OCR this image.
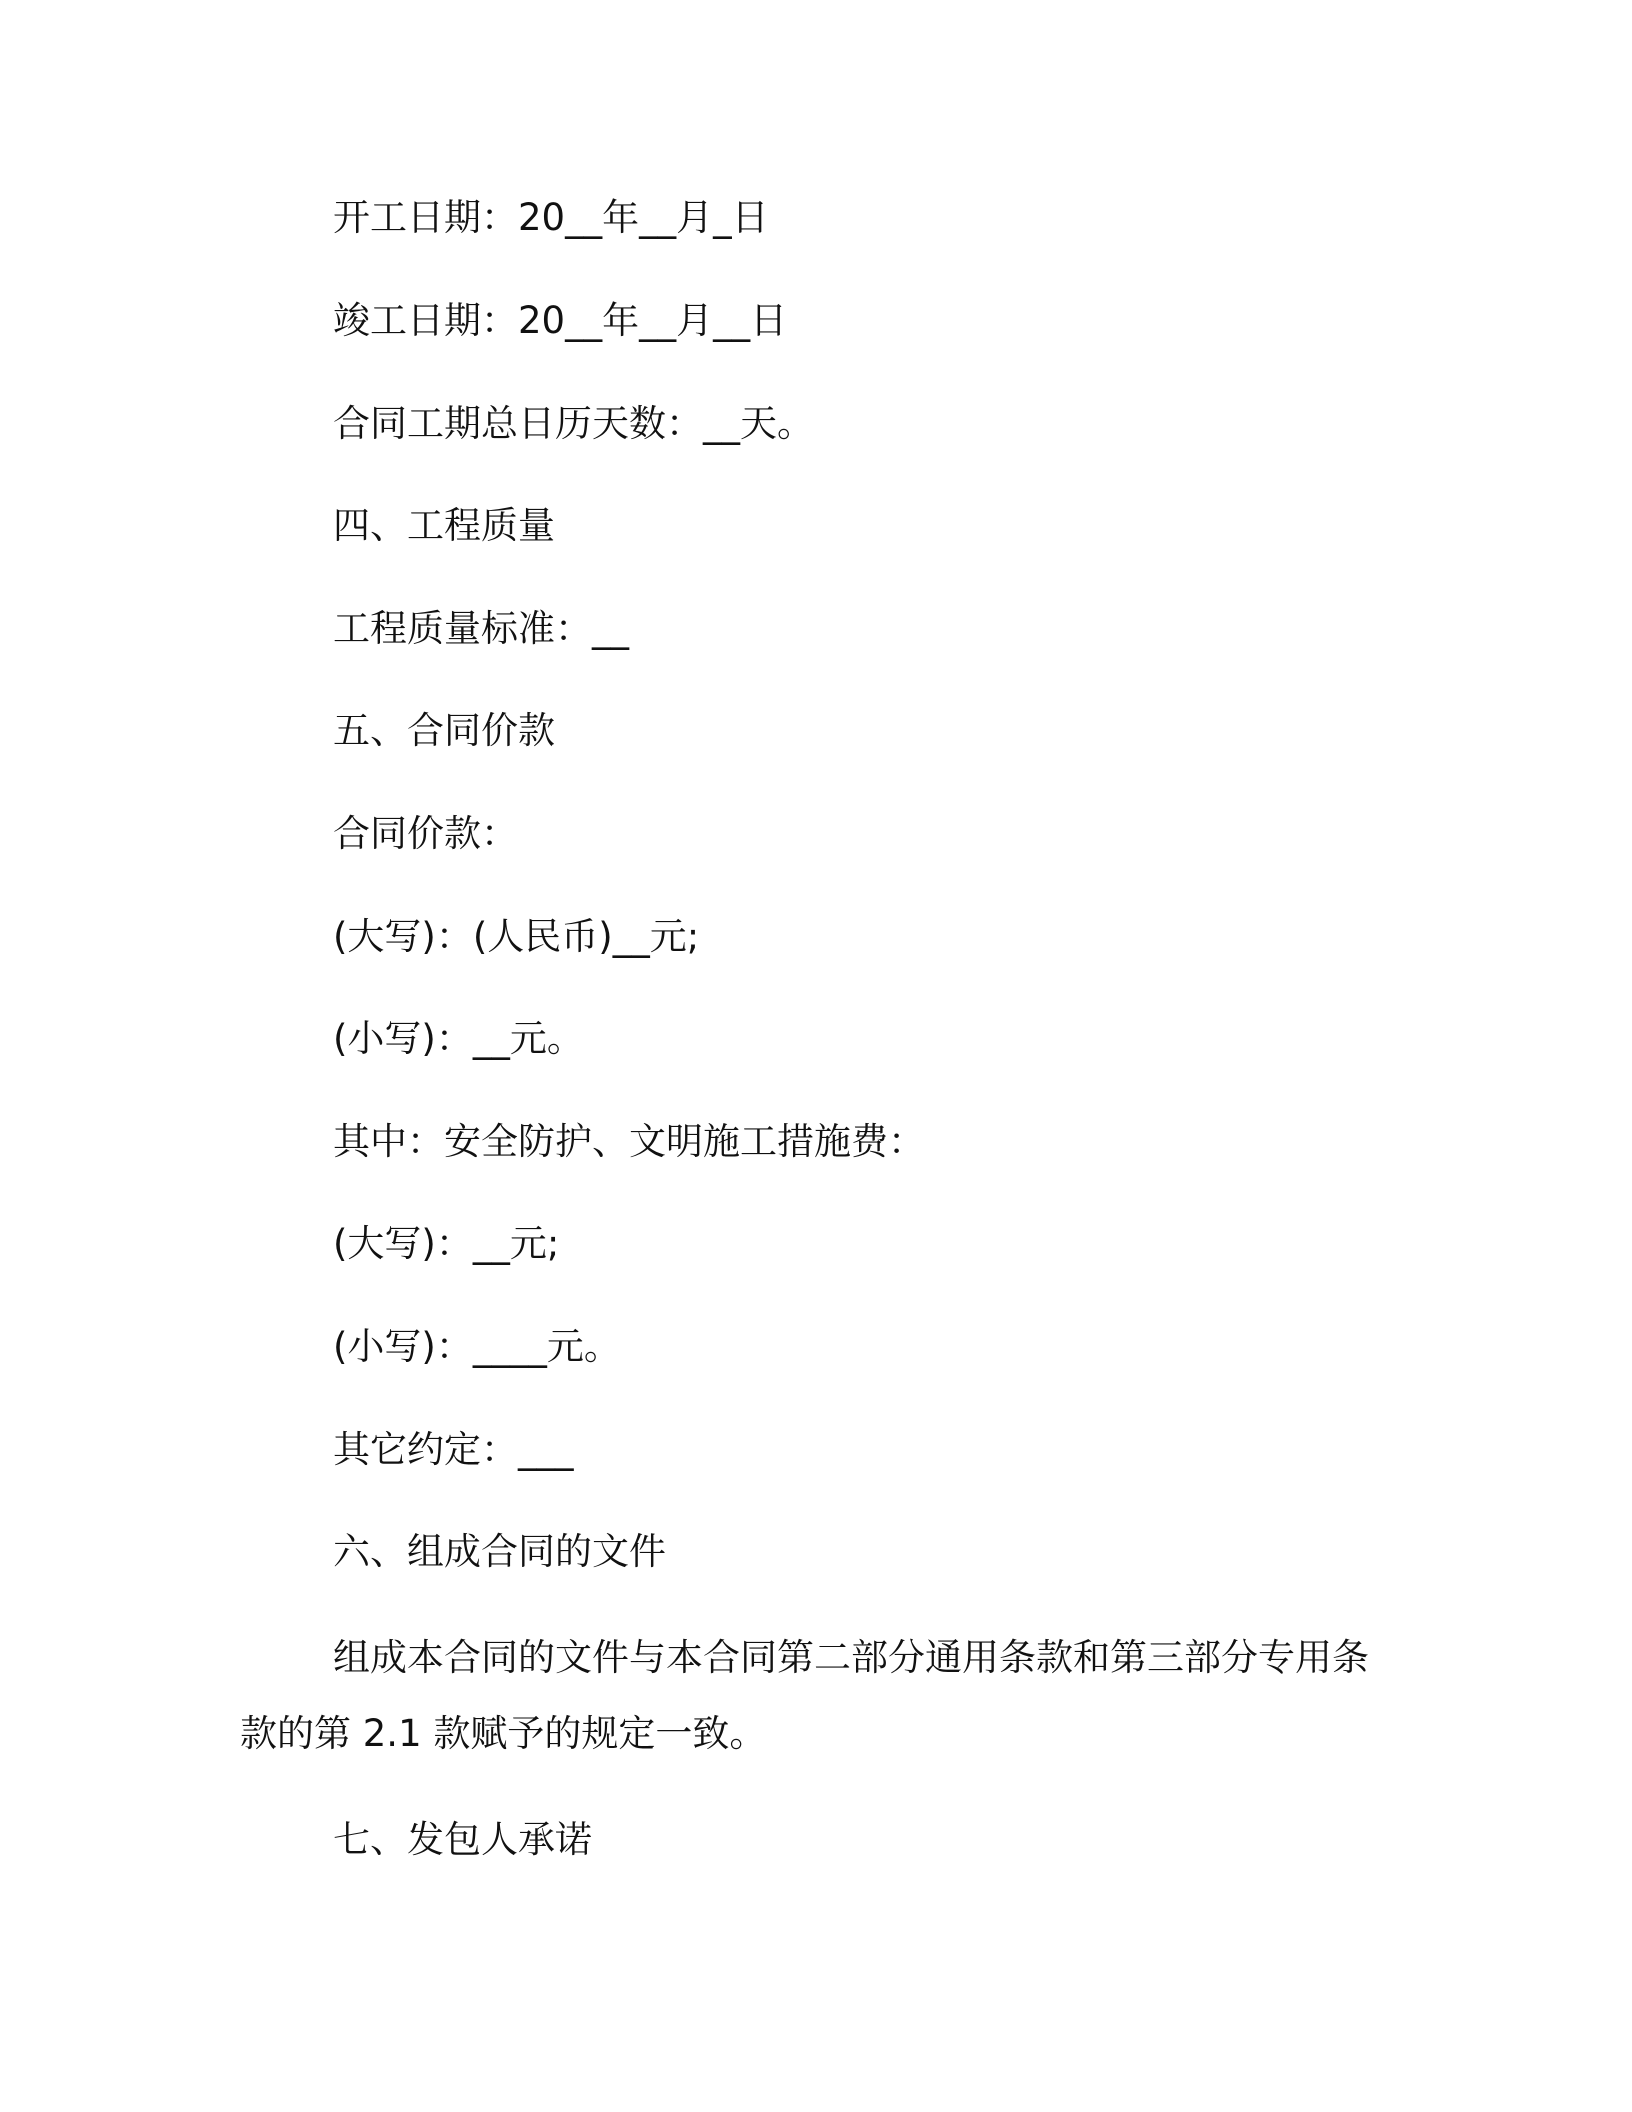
开工日期：20__年__月_日
竣工日期：20__年__月__日
合同工期总日历天数：__天。
四、工程质量
工程质量标准：__
五、合同价款
合同价款：
(大写)：(人民币)__元;
(小写)：__元。
其中：安全防护、文明施工措施费：
(大写)：__元;
(小写)：____元。
其它约定：___
六、组成合同的文件
组成本合同的文件与本合同第二部分通用条款和第三部分专用条款的第 2.1 款赋予的规定一致。
七、发包人承诺
